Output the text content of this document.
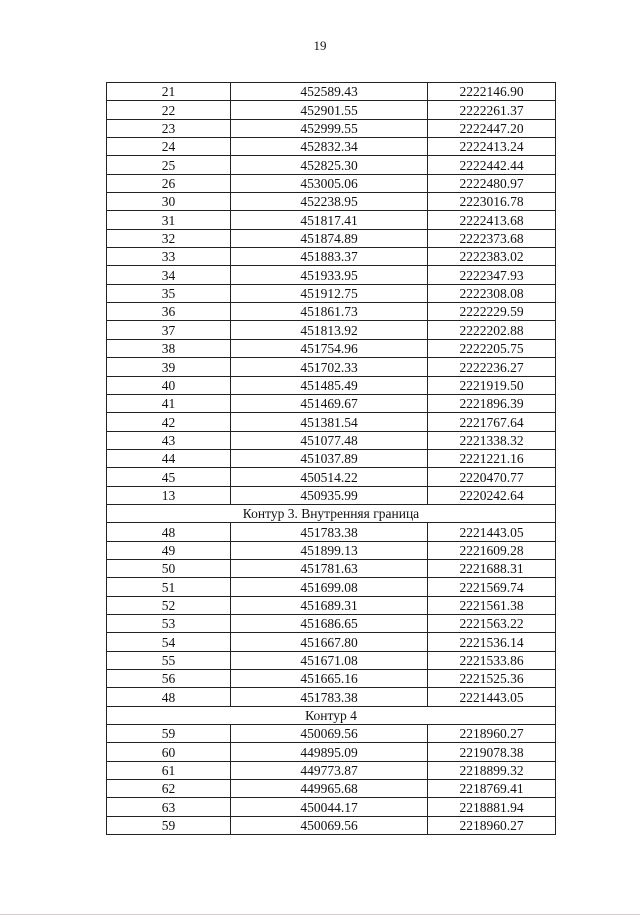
19
21	452589.43	2222146.90
22	452901.55	2222261.37
23	452999.55	2222447.20
24	452832.34	2222413.24
25	452825.30	2222442.44
26	453005.06	2222480.97
30	452238.95	2223016.78
31	451817.41	2222413.68
32	451874.89	2222373.68
33	451883.37	2222383.02
34	451933.95	2222347.93
35	451912.75	2222308.08
36	451861.73	2222229.59
37	451813.92	2222202.88
38	451754.96	2222205.75
39	451702.33	2222236.27
40	451485.49	2221919.50
41	451469.67	2221896.39
42	451381.54	2221767.64
43	451077.48	2221338.32
44	451037.89	2221221.16
45	450514.22	2220470.77
13	450935.99	2220242.64
Контур 3. Внутренняя граница		
48	451783.38	2221443.05
49	451899.13	2221609.28
50	451781.63	2221688.31
51	451699.08	2221569.74
52	451689.31	2221561.38
53	451686.65	2221563.22
54	451667.80	2221536.14
55	451671.08	2221533.86
56	451665.16	2221525.36
48	451783.38	2221443.05
Контур 4		
59	450069.56	2218960.27
60	449895.09	2219078.38
61	449773.87	2218899.32
62	449965.68	2218769.41
63	450044.17	2218881.94
59	450069.56	2218960.27
